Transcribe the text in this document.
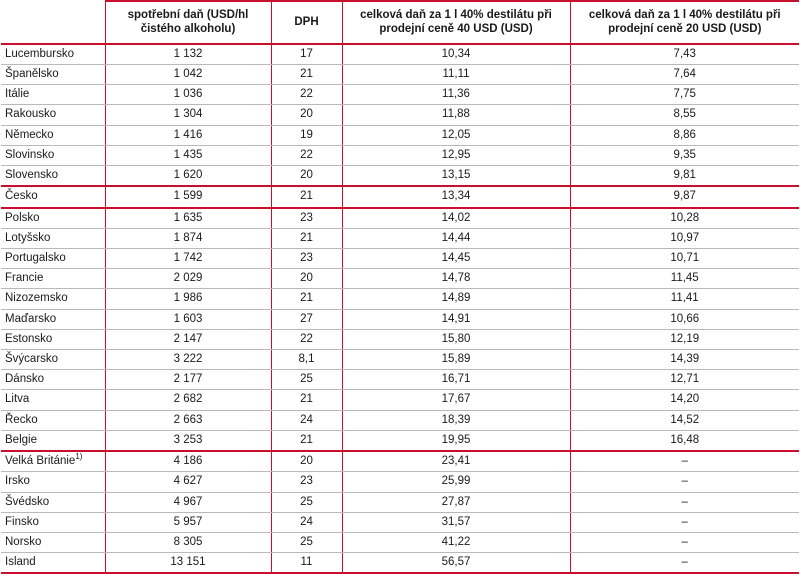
	spotřební daň (USD/hl čistého alkoholu)	DPH	celková daň za 1 l 40% destilátu při prodejní ceně 40 USD (USD)	celková daň za 1 l 40% destilátu při prodejní ceně 20 USD (USD)
Lucembursko	1 132	17	10,34	7,43
Španělsko	1 042	21	11,11	7,64
Itálie	1 036	22	11,36	7,75
Rakousko	1 304	20	11,88	8,55
Německo	1 416	19	12,05	8,86
Slovinsko	1 435	22	12,95	9,35
Slovensko	1 620	20	13,15	9,81
Česko	1 599	21	13,34	9,87
Polsko	1 635	23	14,02	10,28
Lotyšsko	1 874	21	14,44	10,97
Portugalsko	1 742	23	14,45	10,71
Francie	2 029	20	14,78	11,45
Nizozemsko	1 986	21	14,89	11,41
Maďarsko	1 603	27	14,91	10,66
Estonsko	2 147	22	15,80	12,19
Švýcarsko	3 222	8,1	15,89	14,39
Dánsko	2 177	25	16,71	12,71
Litva	2 682	21	17,67	14,20
Řecko	2 663	24	18,39	14,52
Belgie	3 253	21	19,95	16,48
Velká Británie$^{1)}$	4 186	20	23,41	–
Irsko	4 627	23	25,99	–
Švédsko	4 967	25	27,87	–
Finsko	5 957	24	31,57	–
Norsko	8 305	25	41,22	–
Island	13 151	11	56,57	–
